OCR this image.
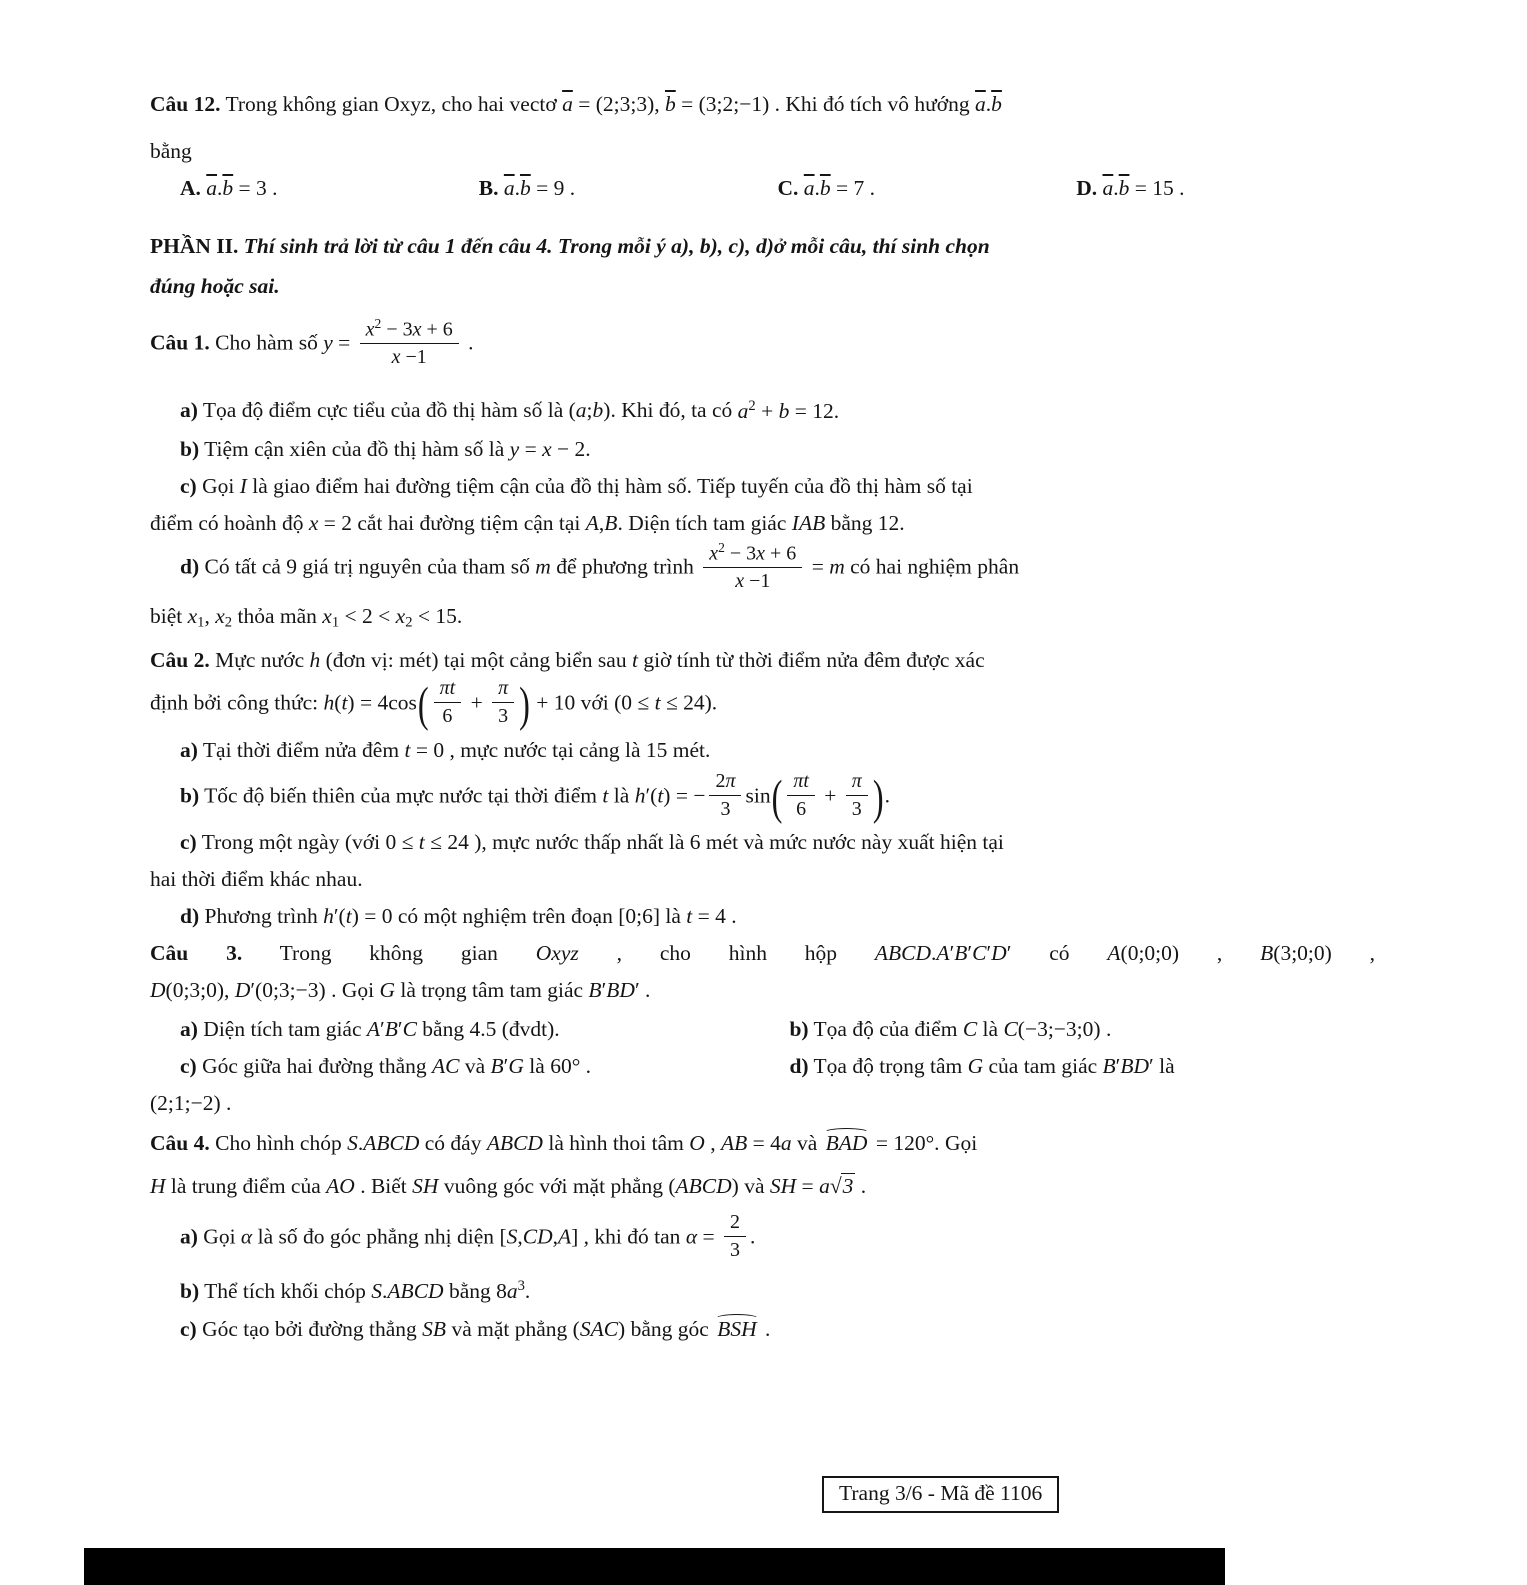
Câu 12. Trong không gian Oxyz, cho hai vectơ $\overline{a}$ = (2;3;3), $\overline{b}$ = (3;2;−1) . Khi đó tích vô hướng $\overline{a}.\overline{b}$
bằng
A. $\overline{a}.\overline{b} = 3$ .	B. $\overline{a}.\overline{b} = 9$ .	C. $\overline{a}.\overline{b} = 7$ .	D. $\overline{a}.\overline{b} = 15$ .
PHẦN II. Thí sinh trả lời từ câu 1 đến câu 4. Trong mỗi ý a), b), c), d)ở mỗi câu, thí sinh chọn
đúng hoặc sai.
Câu 1. Cho hàm số $y = \frac{x^2 - 3x + 6}{x -1}$ .
a) Tọa độ điểm cực tiểu của đồ thị hàm số là (a;b). Khi đó, ta có $a^2 + b = 12$.
b) Tiệm cận xiên của đồ thị hàm số là y = x − 2.
c) Gọi I là giao điểm hai đường tiệm cận của đồ thị hàm số. Tiếp tuyến của đồ thị hàm số tại
điểm có hoành độ x = 2 cắt hai đường tiệm cận tại A,B. Diện tích tam giác IAB bằng 12.
d) Có tất cả 9 giá trị nguyên của tham số m để phương trình $\frac{x^2 - 3x + 6}{x -1} = m$ có hai nghiệm phân
biệt $x_1$, $x_2$ thỏa mãn $x_1 < 2 < x_2 < 15$.
Câu 2. Mực nước h (đơn vị: mét) tại một cảng biển sau t giờ tính từ thời điểm nửa đêm được xác
định bởi công thức: $h(t) = 4\cos( \frac{\pi t}{6} + \frac{\pi}{3}$ ) + 10 với (0 ≤ t ≤ 24).
a) Tại thời điểm nửa đêm t = 0 , mực nước tại cảng là 15 mét.
b) Tốc độ biến thiên của mực nước tại thời điểm t là h′(t) = − $\frac{2\pi}{3} \sin( \frac{\pi t}{6} + \frac{\pi}{3}$ ).
c) Trong một ngày (với 0 ≤ t ≤ 24 ), mực nước thấp nhất là 6 mét và mức nước này xuất hiện tại
hai thời điểm khác nhau.
d) Phương trình h′(t) = 0 có một nghiệm trên đoạn [0;6] là t = 4 .
Câu 3. Trong không gian Oxyz , cho hình hộp ABCD.A′B′C′D′ có A(0;0;0) , B(3;0;0) ,
D(0;3;0), D′(0;3;−3) . Gọi G là trọng tâm tam giác B′BD′ .
a) Diện tích tam giác A′B′C bằng 4.5 (đvdt).	b) Tọa độ của điểm C là C(−3;−3;0) .
c) Góc giữa hai đường thẳng AC và B′G là 60° .	d) Tọa độ trọng tâm G của tam giác B′BD′ là
(2;1;−2) .
Câu 4. Cho hình chóp S.ABCD có đáy ABCD là hình thoi tâm O , AB = 4a và BAD = 120°. Gọi
H là trung điểm của AO . Biết SH vuông góc với mặt phẳng (ABCD) và SH = a√3 .
a) Gọi α là số đo góc phẳng nhị diện [S,CD,A] , khi đó $\tan \alpha = \frac{2}{3}$ .
b) Thể tích khối chóp S.ABCD bằng $8a^3$.
c) Góc tạo bởi đường thẳng SB và mặt phẳng (SAC) bằng góc BSH .
Trang 3/6 - Mã đề 1106
